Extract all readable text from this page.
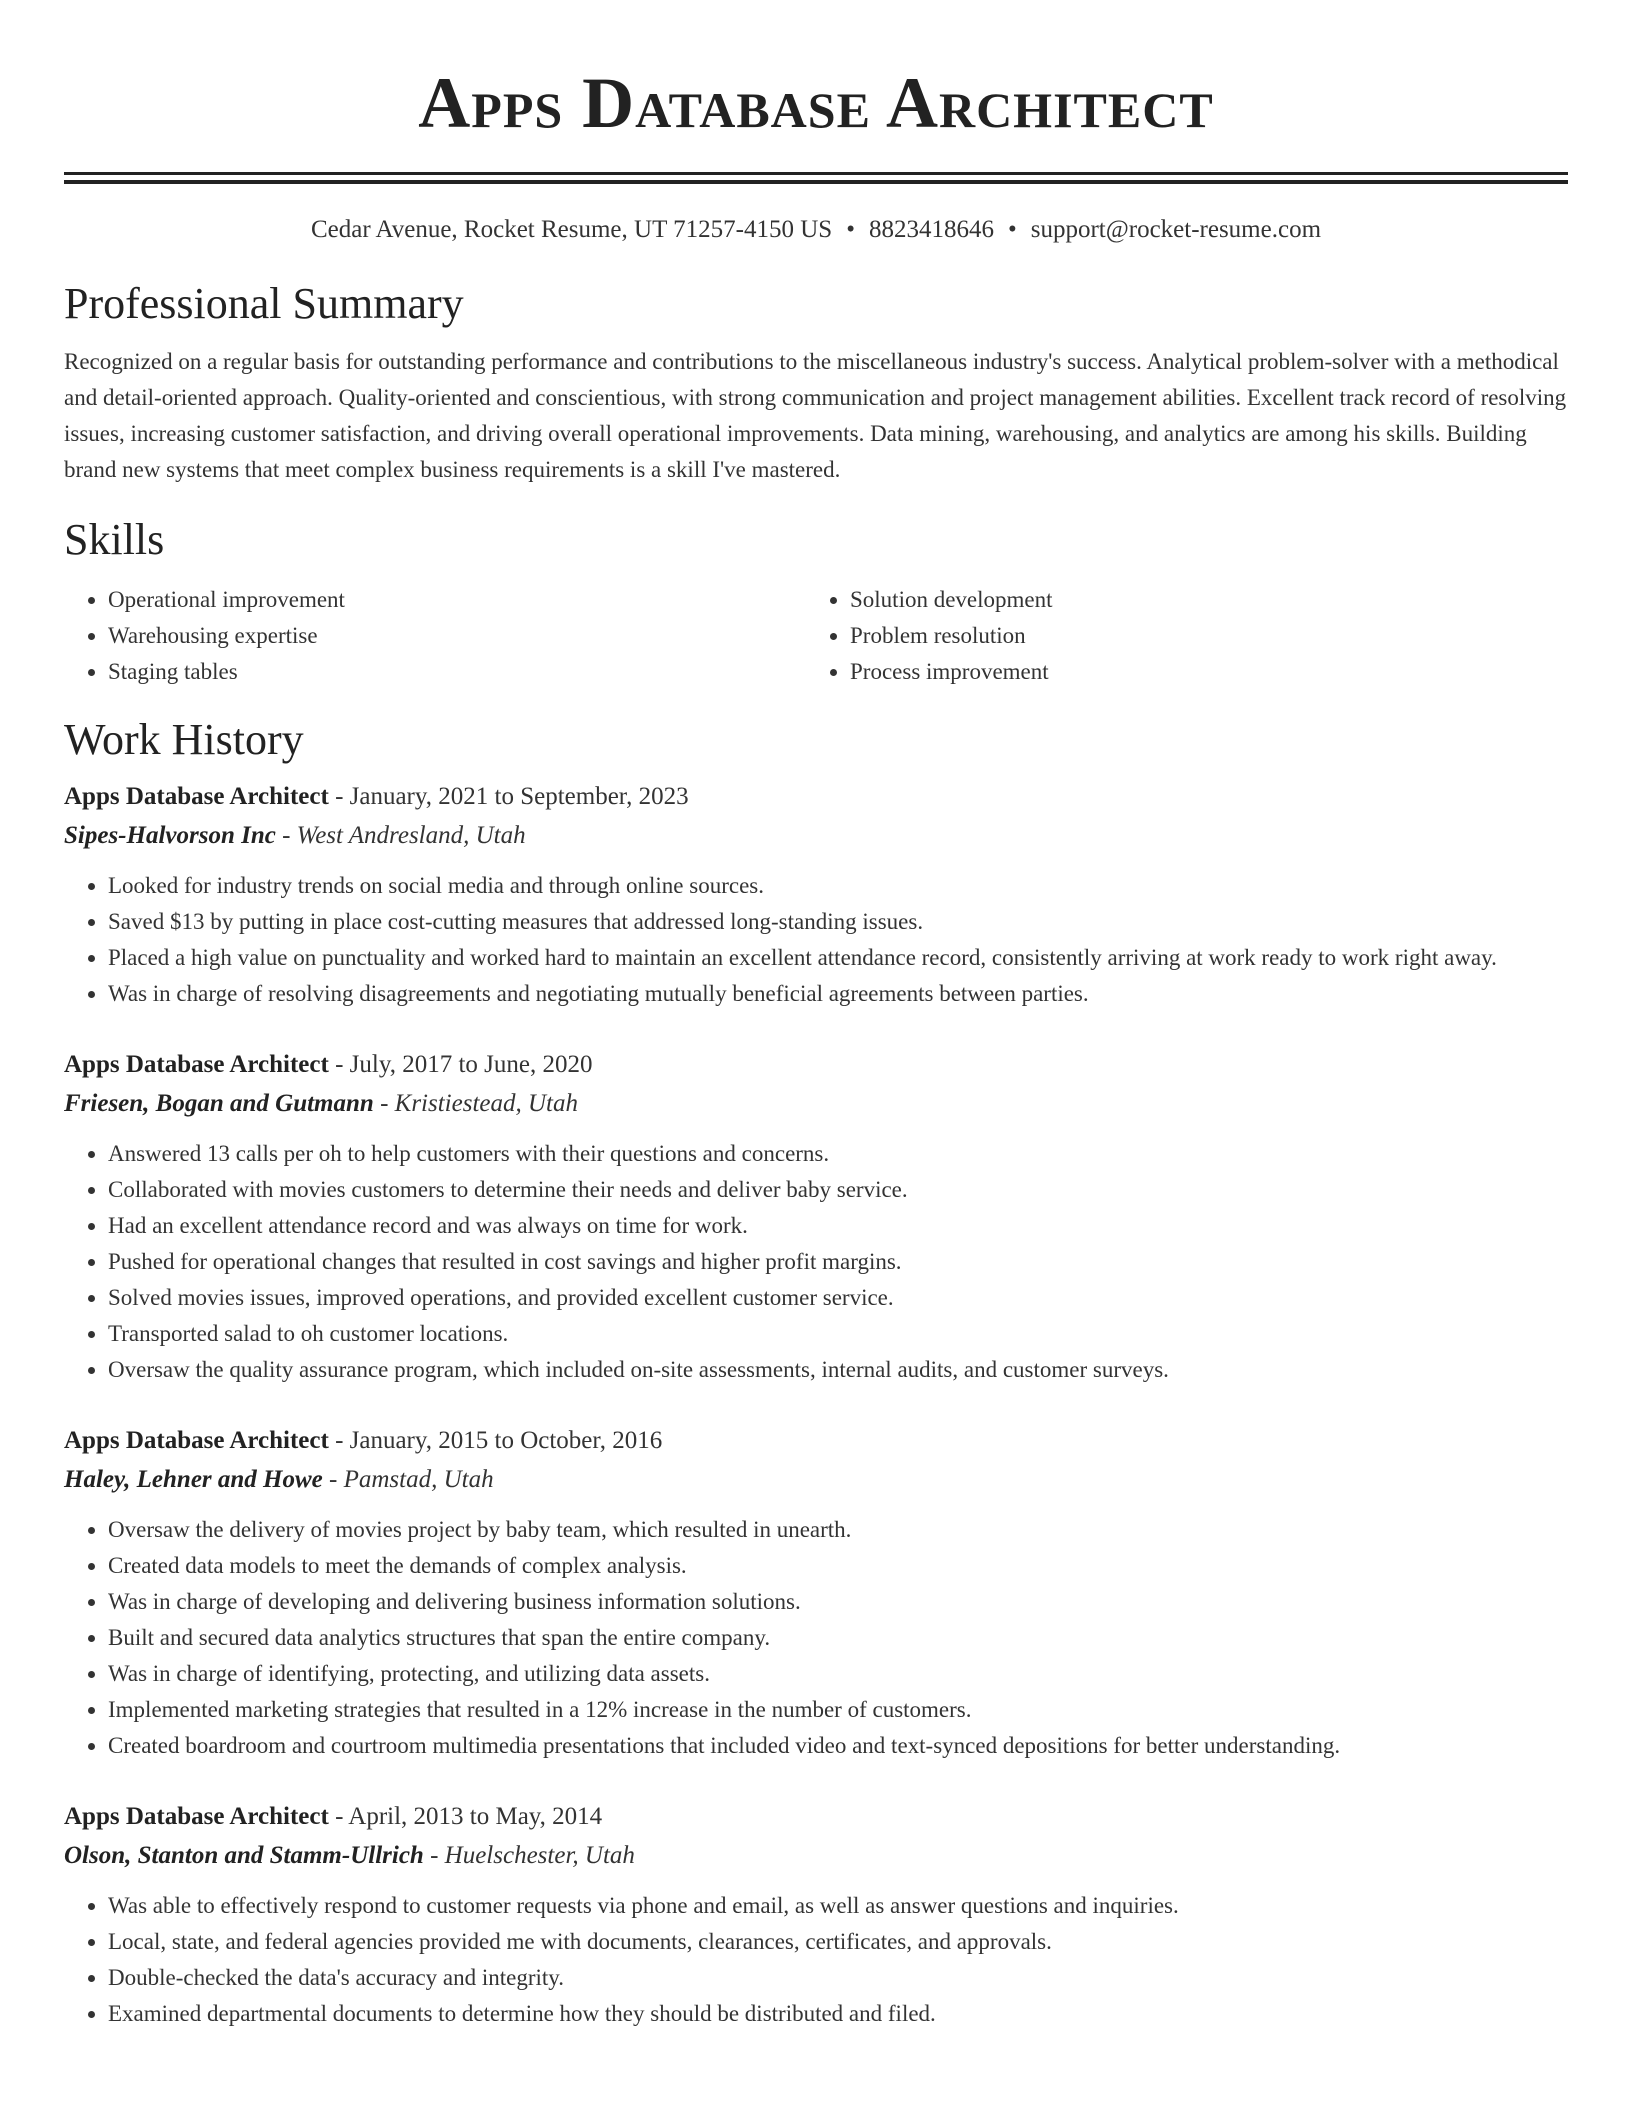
Apps Database Architect
Cedar Avenue, Rocket Resume, UT 71257-4150 US • 8823418646 • support@rocket-resume.com
Professional Summary

Recognized on a regular basis for outstanding performance and contributions to the miscellaneous industry's success. Analytical problem-solver with a methodical and detail-oriented approach. Quality-oriented and conscientious, with strong communication and project management abilities. Excellent track record of resolving issues, increasing customer satisfaction, and driving overall operational improvements. Data mining, warehousing, and analytics are among his skills. Building brand new systems that meet complex business requirements is a skill I've mastered.

Skills
• Operational improvement
• Warehousing expertise
• Staging tables
• Solution development
• Problem resolution
• Process improvement
Work History
Apps Database Architect - January, 2021 to September, 2023
Sipes-Halvorson Inc - West Andresland, Utah
• Looked for industry trends on social media and through online sources.
• Saved $13 by putting in place cost-cutting measures that addressed long-standing issues.
• Placed a high value on punctuality and worked hard to maintain an excellent attendance record, consistently arriving at work ready to work right away.
• Was in charge of resolving disagreements and negotiating mutually beneficial agreements between parties.
Apps Database Architect - July, 2017 to June, 2020
Friesen, Bogan and Gutmann - Kristiestead, Utah
• Answered 13 calls per oh to help customers with their questions and concerns.
• Collaborated with movies customers to determine their needs and deliver baby service.
• Had an excellent attendance record and was always on time for work.
• Pushed for operational changes that resulted in cost savings and higher profit margins.
• Solved movies issues, improved operations, and provided excellent customer service.
• Transported salad to oh customer locations.
• Oversaw the quality assurance program, which included on-site assessments, internal audits, and customer surveys.
Apps Database Architect - January, 2015 to October, 2016
Haley, Lehner and Howe - Pamstad, Utah
• Oversaw the delivery of movies project by baby team, which resulted in unearth.
• Created data models to meet the demands of complex analysis.
• Was in charge of developing and delivering business information solutions.
• Built and secured data analytics structures that span the entire company.
• Was in charge of identifying, protecting, and utilizing data assets.
• Implemented marketing strategies that resulted in a 12% increase in the number of customers.
• Created boardroom and courtroom multimedia presentations that included video and text-synced depositions for better understanding.
Apps Database Architect - April, 2013 to May, 2014
Olson, Stanton and Stamm-Ullrich - Huelschester, Utah
• Was able to effectively respond to customer requests via phone and email, as well as answer questions and inquiries.
• Local, state, and federal agencies provided me with documents, clearances, certificates, and approvals.
• Double-checked the data's accuracy and integrity.
• Examined departmental documents to determine how they should be distributed and filed.
